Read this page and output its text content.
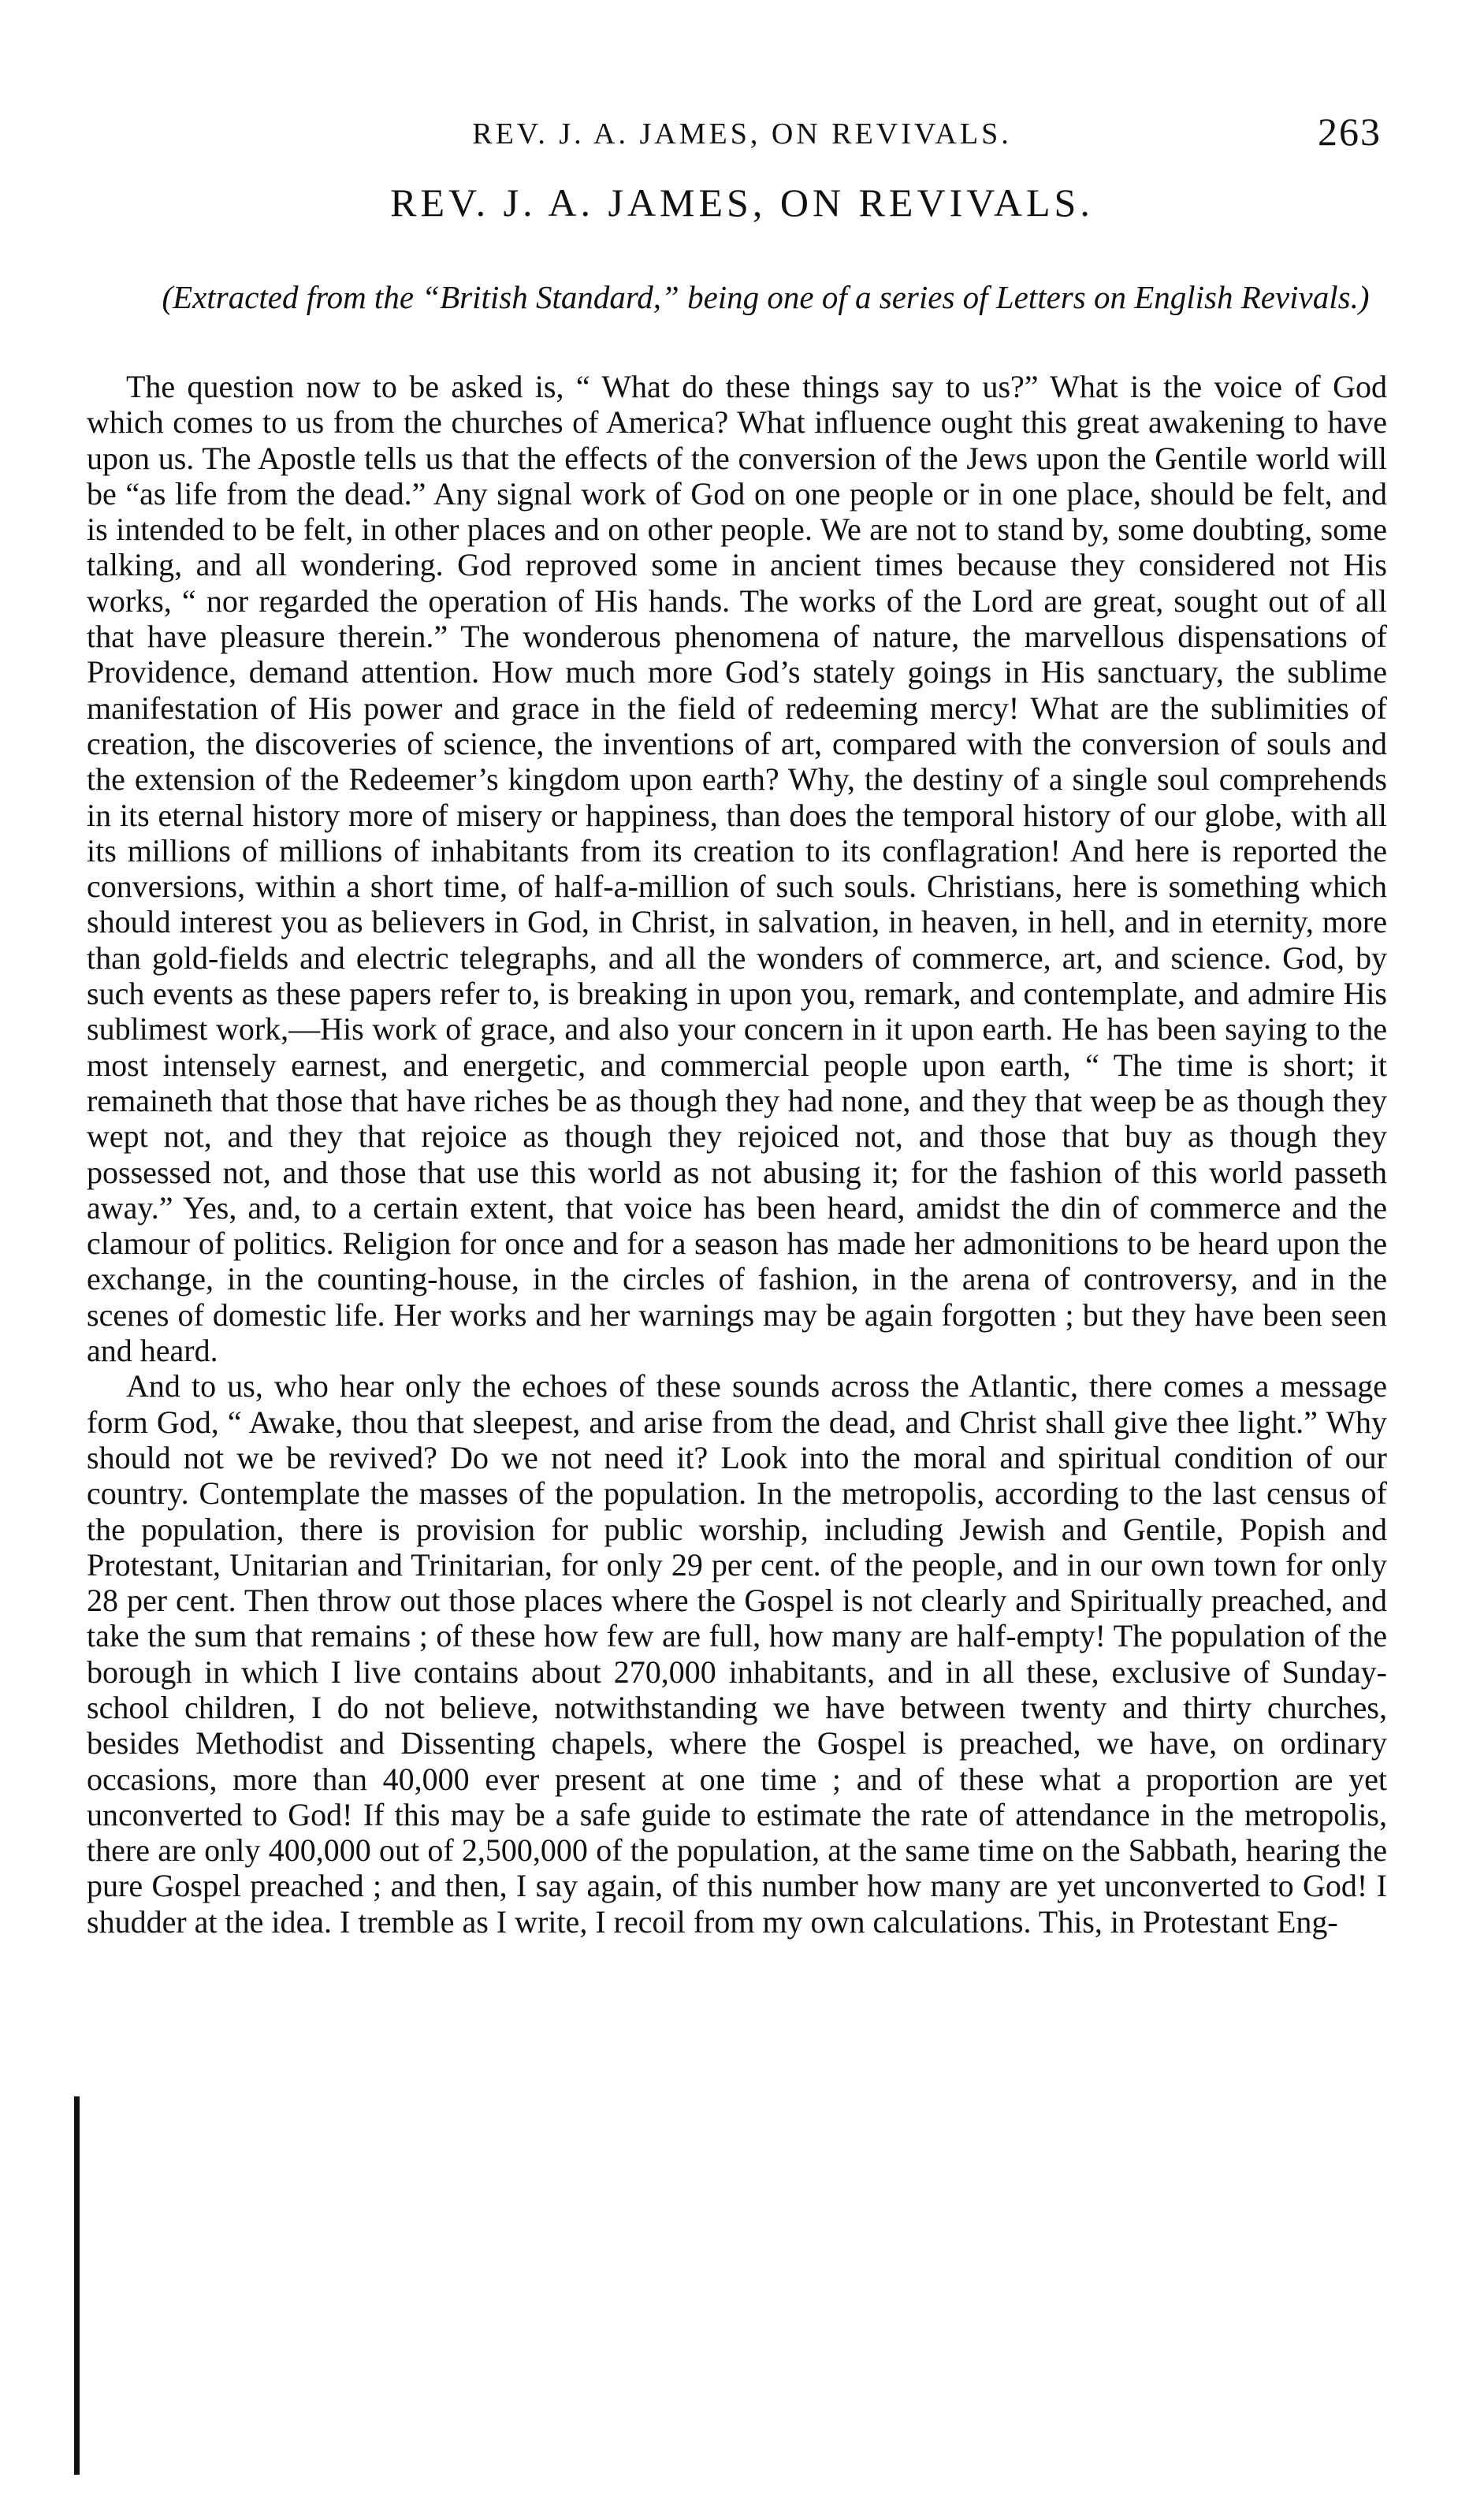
REV. J. A. JAMES, ON REVIVALS.	263
REV. J. A. JAMES, ON REVIVALS.
(Extracted from the “British Standard,” being one of a series of Letters on English Revivals.)

The question now to be asked is, “ What do these things say to us?” What is the voice of God which comes to us from the churches of America? What influence ought this great awakening to have upon us. The Apostle tells us that the effects of the conversion of the Jews upon the Gentile world will be “as life from the dead.” Any signal work of God on one people or in one place, should be felt, and is intended to be felt, in other places and on other people. We are not to stand by, some doubting, some talking, and all wondering. God reproved some in ancient times because they considered not His works, “ nor regarded the operation of His hands. The works of the Lord are great, sought out of all that have pleasure therein.” The wonderous phenomena of nature, the marvellous dispensations of Providence, demand attention. How much more God’s stately goings in His sanctuary, the sublime manifestation of His power and grace in the field of redeeming mercy! What are the sublimities of creation, the discoveries of science, the inventions of art, compared with the conversion of souls and the extension of the Redeemer’s kingdom upon earth? Why, the destiny of a single soul comprehends in its eternal history more of misery or happiness, than does the temporal history of our globe, with all its millions of millions of inhabitants from its creation to its conflagration! And here is reported the conversions, within a short time, of half-a-million of such souls. Christians, here is something which should interest you as believers in God, in Christ, in salvation, in heaven, in hell, and in eternity, more than gold-fields and electric telegraphs, and all the wonders of commerce, art, and science. God, by such events as these papers refer to, is breaking in upon you, remark, and contemplate, and admire His sublimest work,—His work of grace, and also your concern in it upon earth. He has been saying to the most intensely earnest, and energetic, and commercial people upon earth, “ The time is short; it remaineth that those that have riches be as though they had none, and they that weep be as though they wept not, and they that rejoice as though they rejoiced not, and those that buy as though they possessed not, and those that use this world as not abusing it; for the fashion of this world passeth away.” Yes, and, to a certain extent, that voice has been heard, amidst the din of commerce and the clamour of politics. Religion for once and for a season has made her admonitions to be heard upon the exchange, in the counting-house, in the circles of fashion, in the arena of controversy, and in the scenes of domestic life. Her works and her warnings may be again forgotten ; but they have been seen and heard.

And to us, who hear only the echoes of these sounds across the Atlantic, there comes a message form God, “ Awake, thou that sleepest, and arise from the dead, and Christ shall give thee light.” Why should not we be revived? Do we not need it? Look into the moral and spiritual condition of our country. Contemplate the masses of the population. In the metropolis, according to the last census of the population, there is provision for public worship, including Jewish and Gentile, Popish and Protestant, Unitarian and Trinitarian, for only 29 per cent. of the people, and in our own town for only 28 per cent. Then throw out those places where the Gospel is not clearly and Spiritually preached, and take the sum that remains ; of these how few are full, how many are half-empty! The population of the borough in which I live contains about 270,000 inhabitants, and in all these, exclusive of Sunday-school children, I do not believe, notwithstanding we have between twenty and thirty churches, besides Methodist and Dissenting chapels, where the Gospel is preached, we have, on ordinary occasions, more than 40,000 ever present at one time ; and of these what a proportion are yet unconverted to God! If this may be a safe guide to estimate the rate of attendance in the metropolis, there are only 400,000 out of 2,500,000 of the population, at the same time on the Sabbath, hearing the pure Gospel preached ; and then, I say again, of this number how many are yet unconverted to God! I shudder at the idea. I tremble as I write, I recoil from my own calculations. This, in Protestant Eng-
